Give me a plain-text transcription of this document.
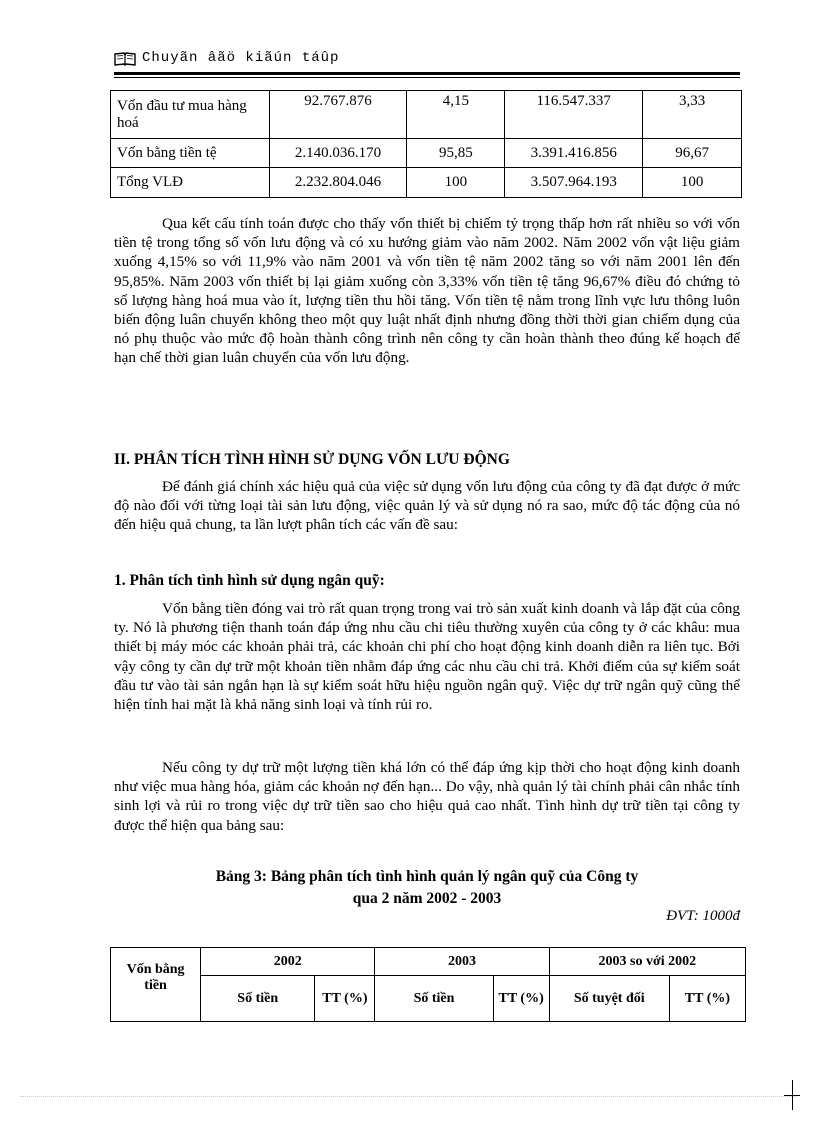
Chuyãn âãö kiãún táûp
Vốn đầu tư mua hàng hoá	92.767.876	4,15	116.547.337	3,33
Vốn bằng tiền tệ	2.140.036.170	95,85	3.391.416.856	96,67
Tổng VLĐ	2.232.804.046	100	3.507.964.193	100

Qua kết cấu tính toán được cho thấy vốn thiết bị chiếm tỷ trọng thấp hơn rất nhiều so với vốn tiền tệ trong tổng số vốn lưu động và có xu hướng giảm vào năm 2002. Năm 2002 vốn vật liệu giảm xuống 4,15% so với 11,9% vào năm 2001 và vốn tiền tệ năm 2002 tăng so với năm 2001 lên đến 95,85%. Năm 2003 vốn thiết bị lại giảm xuống còn 3,33% vốn tiền tệ tăng 96,67% điều đó chứng tỏ số lượng hàng hoá mua vào ít, lượng tiền thu hồi tăng. Vốn tiền tệ nằm trong lĩnh vực lưu thông luôn biến động luân chuyển không theo một quy luật nhất định nhưng đồng thời thời gian chiếm dụng của nó phụ thuộc vào mức độ hoàn thành công trình nên công ty cần hoàn thành theo đúng kế hoạch để hạn chế thời gian luân chuyển của vốn lưu động.

II. PHÂN TÍCH TÌNH HÌNH SỬ DỤNG VỐN LƯU ĐỘNG

Để đánh giá chính xác hiệu quả của việc sử dụng vốn lưu động của công ty đã đạt được ở mức độ nào đối với từng loại tài sản lưu động, việc quản lý và sử dụng nó ra sao, mức độ tác động của nó đến hiệu quả chung, ta lần lượt phân tích các vấn đề sau:

1. Phân tích tình hình sử dụng ngân quỹ:

Vốn bằng tiền đóng vai trò rất quan trọng trong vai trò sản xuất kinh doanh và lắp đặt của công ty. Nó là phương tiện thanh toán đáp ứng nhu cầu chi tiêu thường xuyên của công ty ở các khâu: mua thiết bị máy móc các khoản phải trả, các khoản chi phí cho hoạt động kinh doanh diễn ra liên tục. Bởi vậy công ty cần dự trữ một khoản tiền nhằm đáp ứng các nhu cầu chi trả. Khởi điểm của sự kiểm soát đầu tư vào tài sản ngắn hạn là sự kiểm soát hữu hiệu nguồn ngân quỹ. Việc dự trữ ngân quỹ cũng thể hiện tính hai mặt là khả năng sinh loại và tính rủi ro.

Nếu công ty dự trữ một lượng tiền khá lớn có thể đáp ứng kịp thời cho hoạt động kinh doanh như việc mua hàng hóa, giảm các khoản nợ đến hạn... Do vậy, nhà quản lý tài chính phải cân nhắc tính sinh lợi và rủi ro trong việc dự trữ tiền sao cho hiệu quả cao nhất. Tình hình dự trữ tiền tại công ty được thể hiện qua bảng sau:

Bảng 3: Bảng phân tích tình hình quản lý ngân quỹ của Công ty

qua 2 năm 2002 - 2003

ĐVT: 1000đ
Vốn bằng tiền	2002		2003		2003 so với 2002	
	Số tiền	TT (%)	Số tiền	TT (%)	Số tuyệt đối	TT (%)
